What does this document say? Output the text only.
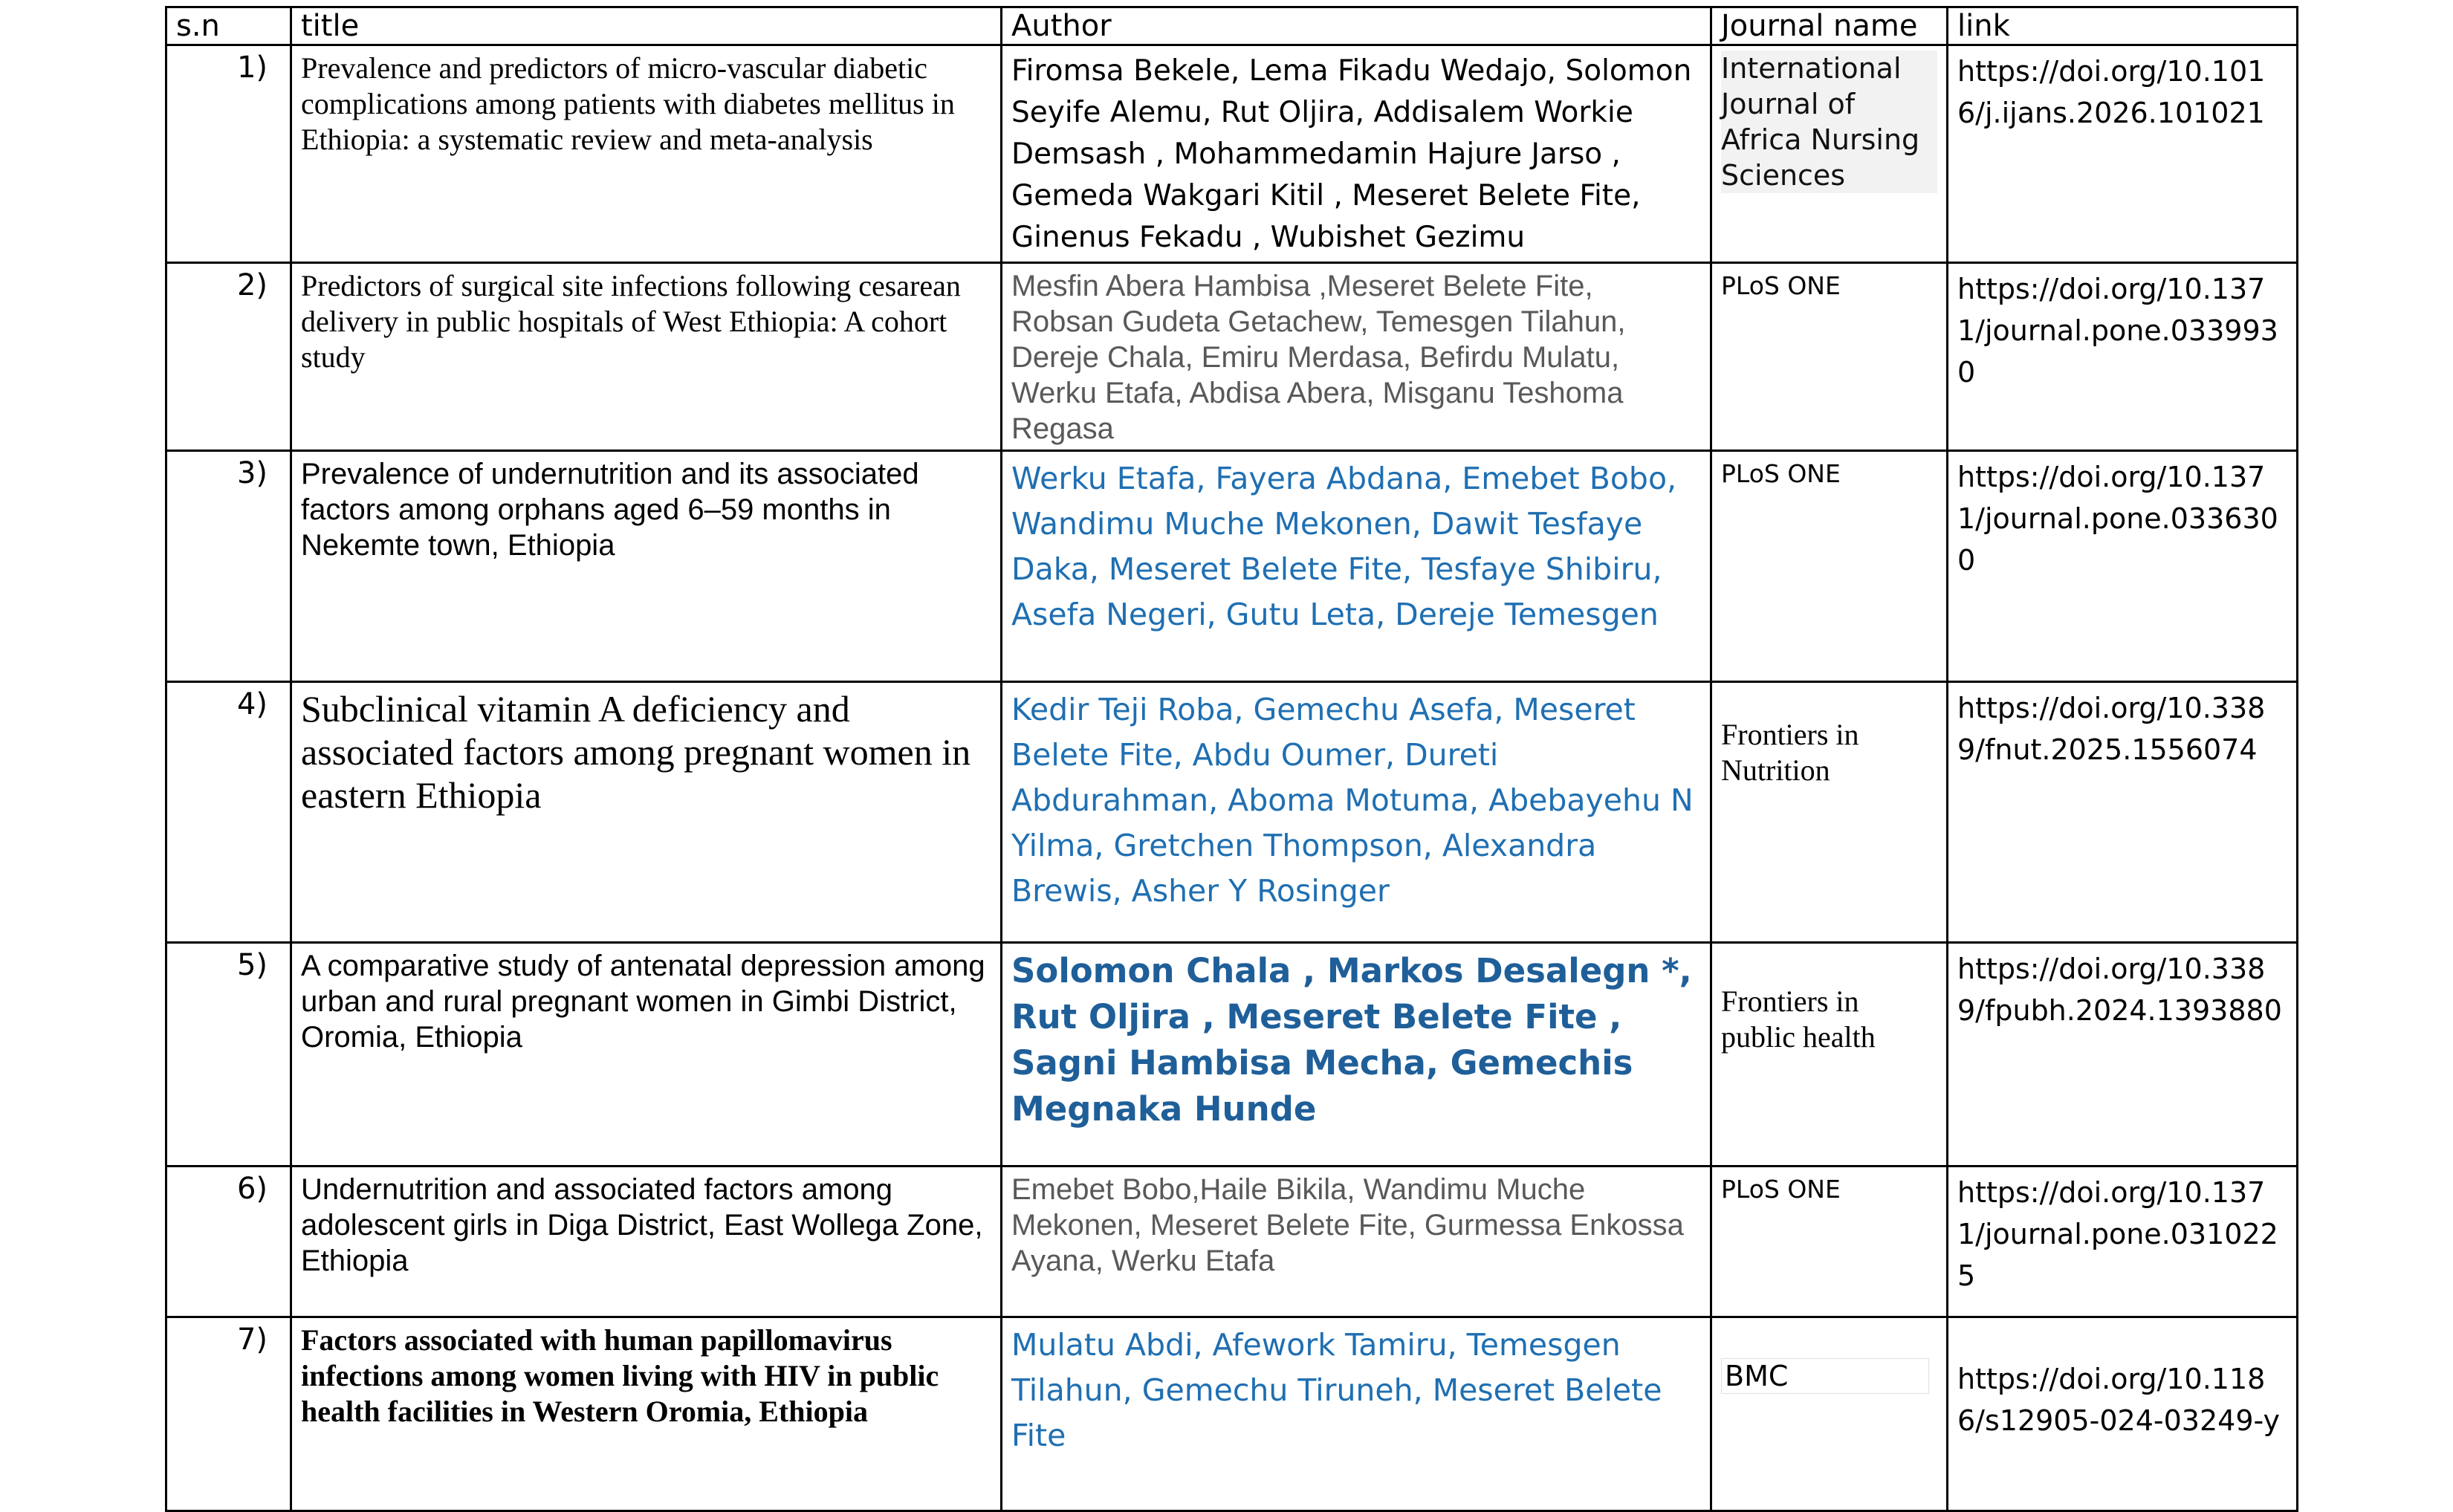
s.n	title	Author	Journal name	link
1)	Prevalence and predictors of micro-vascular diabetic complications among patients with diabetes mellitus in Ethiopia: a systematic review and meta-analysis	Firomsa Bekele, Lema Fikadu Wedajo, Solomon Seyife Alemu, Rut Oljira, Addisalem Workie Demsash , Mohammedamin Hajure Jarso , Gemeda Wakgari Kitil , Meseret Belete Fite, Ginenus Fekadu , Wubishet Gezimu	International Journal of Africa Nursing Sciences	https://doi.org/10.1016/j.ijans.2026.101021

2)	Predictors of surgical site infections following cesarean delivery in public hospitals of West Ethiopia: A cohort study	Mesfin Abera Hambisa ,Meseret Belete Fite, Robsan Gudeta Getachew, Temesgen Tilahun, Dereje Chala, Emiru Merdasa, Befirdu Mulatu, Werku Etafa, Abdisa Abera, Misganu Teshoma Regasa	PLoS ONE	https://doi.org/10.1371/journal.pone.0339930

3)	Prevalence of undernutrition and its associated factors among orphans aged 6–59 months in Nekemte town, Ethiopia	Werku Etafa, Fayera Abdana, Emebet Bobo, Wandimu Muche Mekonen, Dawit Tesfaye Daka, Meseret Belete Fite, Tesfaye Shibiru, Asefa Negeri, Gutu Leta, Dereje Temesgen	PLoS ONE	https://doi.org/10.1371/journal.pone.0336300

4)	Subclinical vitamin A deficiency and associated factors among pregnant women in eastern Ethiopia	Kedir Teji Roba, Gemechu Asefa, Meseret Belete Fite, Abdu Oumer, Dureti Abdurahman, Aboma Motuma, Abebayehu N Yilma, Gretchen Thompson, Alexandra Brewis, Asher Y Rosinger	Frontiers in Nutrition	https://doi.org/10.3389/fnut.2025.1556074

5)	A comparative study of antenatal depression among urban and rural pregnant women in Gimbi District, Oromia, Ethiopia	Solomon Chala , Markos Desalegn *, Rut Oljira , Meseret Belete Fite , Sagni Hambisa Mecha, Gemechis Megnaka Hunde	Frontiers in public health	https://doi.org/10.3389/fpubh.2024.1393880

6)	Undernutrition and associated factors among adolescent girls in Diga District, East Wollega Zone, Ethiopia	Emebet Bobo,Haile Bikila, Wandimu Muche Mekonen, Meseret Belete Fite, Gurmessa Enkossa Ayana, Werku Etafa	PLoS ONE	https://doi.org/10.1371/journal.pone.0310225

7)	Factors associated with human papillomavirus infections among women living with HIV in public health facilities in Western Oromia, Ethiopia	Mulatu Abdi, Afework Tamiru, Temesgen Tilahun, Gemechu Tiruneh, Meseret Belete Fite	BMC	https://doi.org/10.1186/s12905-024-03249-y
